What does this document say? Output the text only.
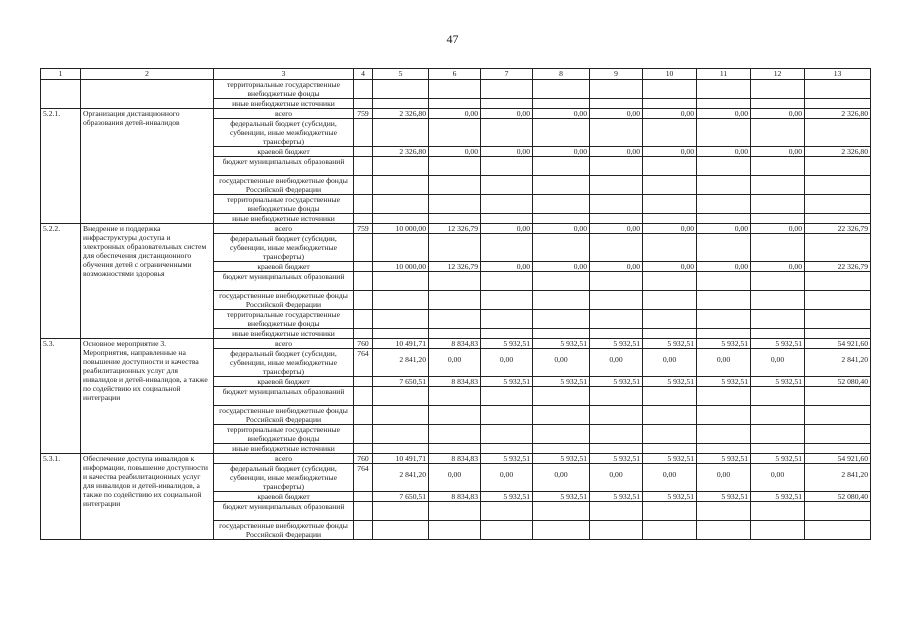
47
1	2	3	4	5	6	7	8	9	10	11	12	13
		территориальные государственные внебюджетные фонды										
		иные внебюджетные источники										
5.2.1.	Организация дистанционного образования детей-инвалидов	всего	759	2 326,80	0,00	0,00	0,00	0,00	0,00	0,00	0,00	2 326,80
		федеральный бюджет (субсидии, субвенции, иные межбюджетные трансферты)										
		краевой бюджет		2 326,80	0,00	0,00	0,00	0,00	0,00	0,00	0,00	2 326,80
		бюджет муниципальных образований										
		государственные внебюджетные фонды Российской Федерации										
		территориальные государственные внебюджетные фонды										
		иные внебюджетные источники										
5.2.2.	Внедрение и поддержка инфраструктуры доступа и электронных образовательных систем для обеспечения дистанционного обучения детей с ограниченными возможностями здоровья	всего	759	10 000,00	12 326,79	0,00	0,00	0,00	0,00	0,00	0,00	22 326,79
		федеральный бюджет (субсидии, субвенции, иные межбюджетные трансферты)										
		краевой бюджет		10 000,00	12 326,79	0,00	0,00	0,00	0,00	0,00	0,00	22 326,79
		бюджет муниципальных образований										
		государственные внебюджетные фонды Российской Федерации										
		территориальные государственные внебюджетные фонды										
		иные внебюджетные источники										
5.3.	Основное мероприятие 3. Мероприятия, направленные на повышение доступности и качества реабилитационных услуг для инвалидов и детей-инвалидов, а также по содействию их социальной интеграции	всего	760	10 491,71	8 834,83	5 932,51	5 932,51	5 932,51	5 932,51	5 932,51	5 932,51	54 921,60
		федеральный бюджет (субсидии, субвенции, иные межбюджетные трансферты)	764	2 841,20	0,00	0,00	0,00	0,00	0,00	0,00	0,00	2 841,20
		краевой бюджет		7 650,51	8 834,83	5 932,51	5 932,51	5 932,51	5 932,51	5 932,51	5 932,51	52 080,40
		бюджет муниципальных образований										
		государственные внебюджетные фонды Российской Федерации										
		территориальные государственные внебюджетные фонды										
		иные внебюджетные источники										
5.3.1.	Обеспечение доступа инвалидов к информации, повышение доступности и качества реабилитационных услуг для инвалидов и детей-инвалидов, а также по содействию их социальной интеграции	всего	760	10 491,71	8 834,83	5 932,51	5 932,51	5 932,51	5 932,51	5 932,51	5 932,51	54 921,60
		федеральный бюджет (субсидии, субвенции, иные межбюджетные трансферты)	764	2 841,20	0,00	0,00	0,00	0,00	0,00	0,00	0,00	2 841,20
		краевой бюджет		7 650,51	8 834,83	5 932,51	5 932,51	5 932,51	5 932,51	5 932,51	5 932,51	52 080,40
		бюджет муниципальных образований										
		государственные внебюджетные фонды Российской Федерации										
